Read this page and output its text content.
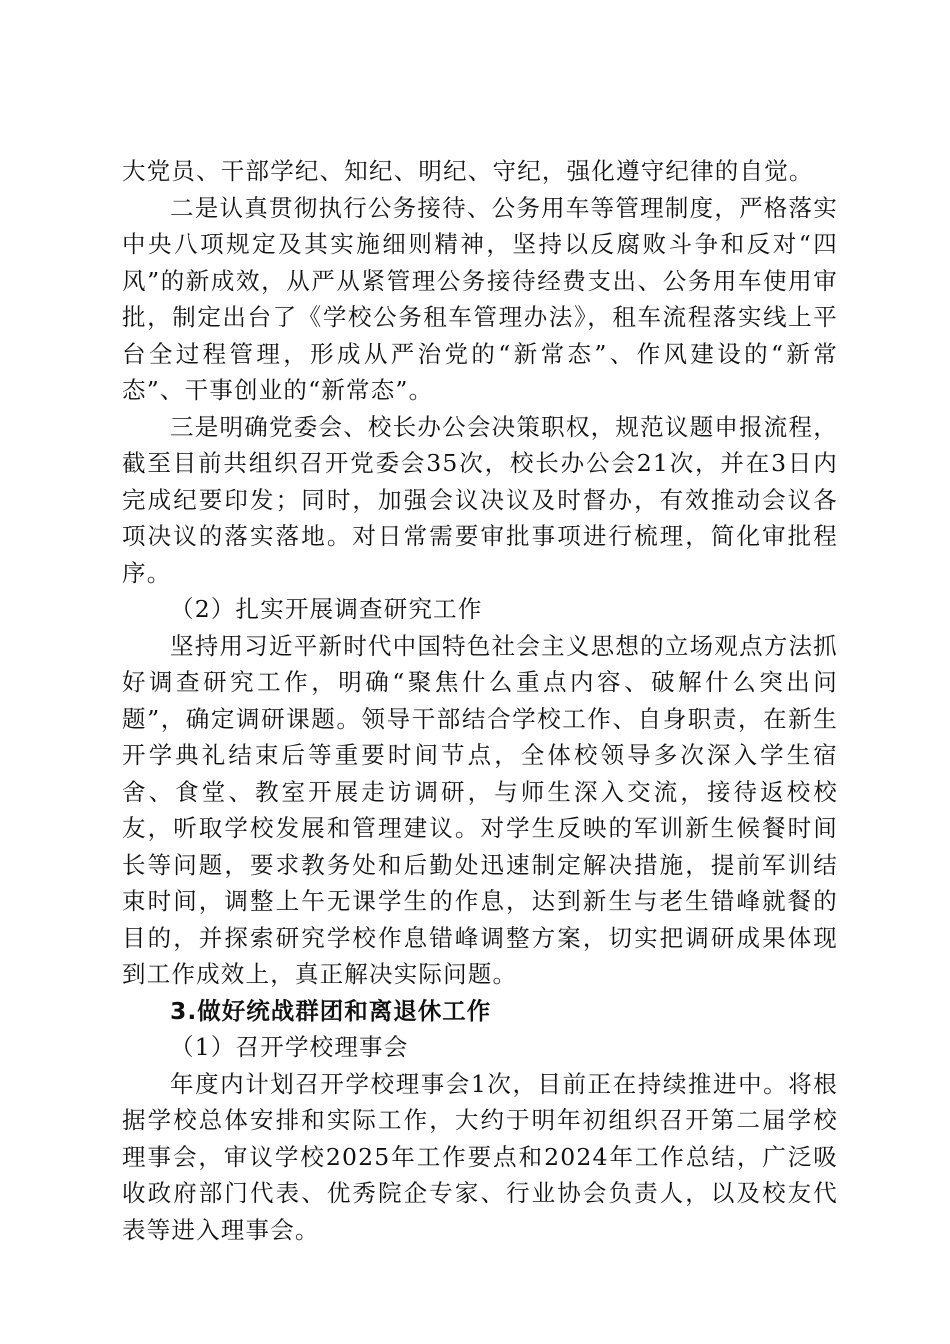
大党员、干部学纪、知纪、明纪、守纪，强化遵守纪律的自觉。

二是认真贯彻执行公务接待、公务用车等管理制度，严格落实中央八项规定及其实施细则精神，坚持以反腐败斗争和反对“四风”的新成效，从严从紧管理公务接待经费支出、公务用车使用审批，制定出台了《学校公务租车管理办法》，租车流程落实线上平台全过程管理，形成从严治党的“新常态”、作风建设的“新常态”、干事创业的“新常态”。

三是明确党委会、校长办公会决策职权，规范议题申报流程，截至目前共组织召开党委会35次，校长办公会21次，并在3日内完成纪要印发；同时，加强会议决议及时督办，有效推动会议各项决议的落实落地。对日常需要审批事项进行梳理，简化审批程序。

（2）扎实开展调查研究工作

坚持用习近平新时代中国特色社会主义思想的立场观点方法抓好调查研究工作，明确“聚焦什么重点内容、破解什么突出问题”，确定调研课题。领导干部结合学校工作、自身职责，在新生开学典礼结束后等重要时间节点，全体校领导多次深入学生宿舍、食堂、教室开展走访调研，与师生深入交流，接待返校校友，听取学校发展和管理建议。对学生反映的军训新生候餐时间长等问题，要求教务处和后勤处迅速制定解决措施，提前军训结束时间，调整上午无课学生的作息，达到新生与老生错峰就餐的目的，并探索研究学校作息错峰调整方案，切实把调研成果体现到工作成效上，真正解决实际问题。

3.做好统战群团和离退休工作

（1）召开学校理事会

年度内计划召开学校理事会1次，目前正在持续推进中。将根据学校总体安排和实际工作，大约于明年初组织召开第二届学校理事会，审议学校2025年工作要点和2024年工作总结，广泛吸收政府部门代表、优秀院企专家、行业协会负责人，以及校友代表等进入理事会。
